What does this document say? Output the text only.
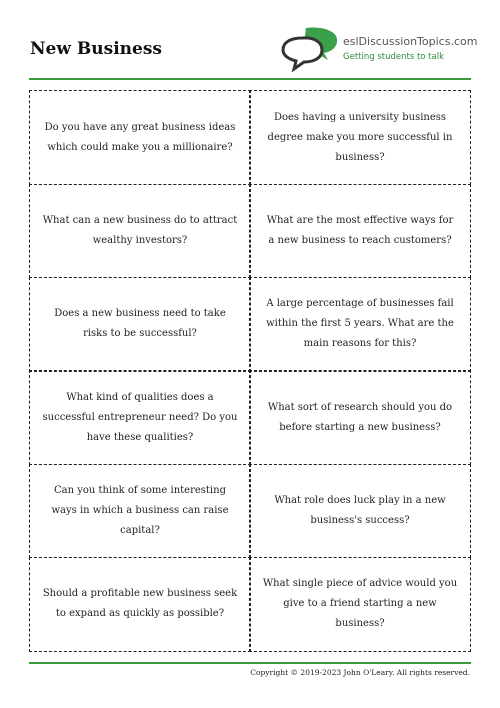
New Business	eslDiscussionTopics.com
Getting students to talk
Do you have any great business ideas which could make you a millionaire?
Does having a university business degree make you more successful in business?
What can a new business do to attract wealthy investors?
What are the most effective ways for a new business to reach customers?
Does a new business need to take risks to be successful?
A large percentage of businesses fail within the first 5 years. What are the main reasons for this?
What kind of qualities does a successful entrepreneur need? Do you have these qualities?
What sort of research should you do before starting a new business?
Can you think of some interesting ways in which a business can raise capital?
What role does luck play in a new business's success?
Should a profitable new business seek to expand as quickly as possible?
What single piece of advice would you give to a friend starting a new business?
Copyright © 2019-2023 John O'Leary. All rights reserved.
